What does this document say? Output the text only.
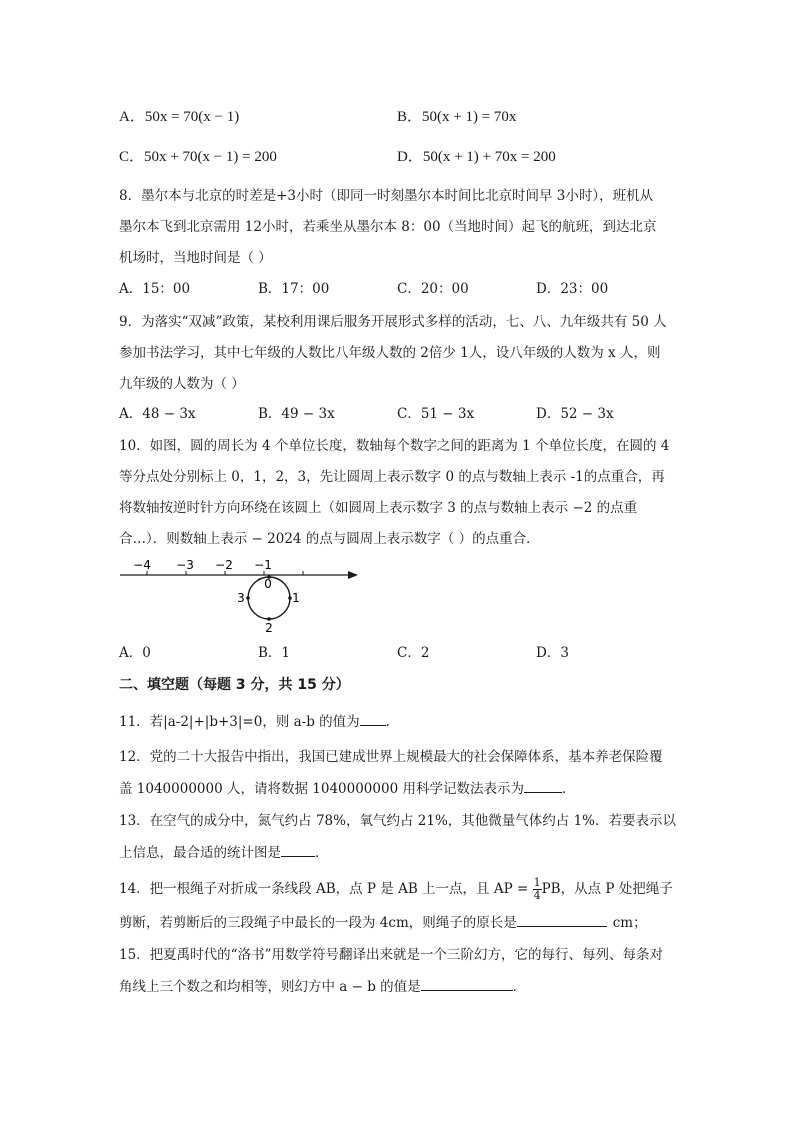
A．50x = 70(x − 1)	B．50(x + 1) = 70x
C．50x + 70(x − 1) = 200	D．50(x + 1) + 70x = 200
8．墨尔本与北京的时差是+3小时（即同一时刻墨尔本时间比北京时间早 3小时），班机从
墨尔本飞到北京需用 12小时，若乘坐从墨尔本 8：00（当地时间）起飞的航班，到达北京
机场时，当地时间是（ ）
A．15：00	B．17：00	C．20：00	D．23：00
9．为落实“双减”政策，某校利用课后服务开展形式多样的活动，七、八、九年级共有 50 人
参加书法学习，其中七年级的人数比八年级人数的 2倍少 1人，设八年级的人数为 x 人，则
九年级的人数为（ ）
A．48 − 3x	B．49 − 3x	C．51 − 3x	D．52 − 3x
10．如图，圆的周长为 4 个单位长度，数轴每个数字之间的距离为 1 个单位长度，在圆的 4
等分点处分别标上 0，1，2，3，先让圆周上表示数字 0 的点与数轴上表示 -1的点重合，再
将数轴按逆时针方向环绕在该圆上（如圆周上表示数字 3 的点与数轴上表示 −2 的点重
合…）．则数轴上表示 − 2024 的点与圆周上表示数字（ ）的点重合．
−4 −3 −2 −1
0
1
2
3
A．0	B．1	C．2	D．3
二、填空题（每题 3 分，共 15 分）
11．若|a-2|+|b+3|=0，则 a-b 的值为 ．
12．党的二十大报告中指出，我国已建成世界上规模最大的社会保障体系，基本养老保险覆
盖 1040000000 人，请将数据 1040000000 用科学记数法表示为	．
13．在空气的成分中，氮气约占 78%，氧气约占 21%，其他微量气体约占 1%．若要表示以
上信息，最合适的统计图是	．
14．把一根绳子对折成一条线段 AB，点 P 是 AB 上一点，且 AP = $\frac{1}{4}$ PB，从点 P 处把绳子
剪断，若剪断后的三段绳子中最长的一段为 4cm，则绳子的原长是	cm；
15．把夏禹时代的“洛书”用数学符号翻译出来就是一个三阶幻方，它的每行、每列、每条对
角线上三个数之和均相等，则幻方中 a − b 的值是	．
